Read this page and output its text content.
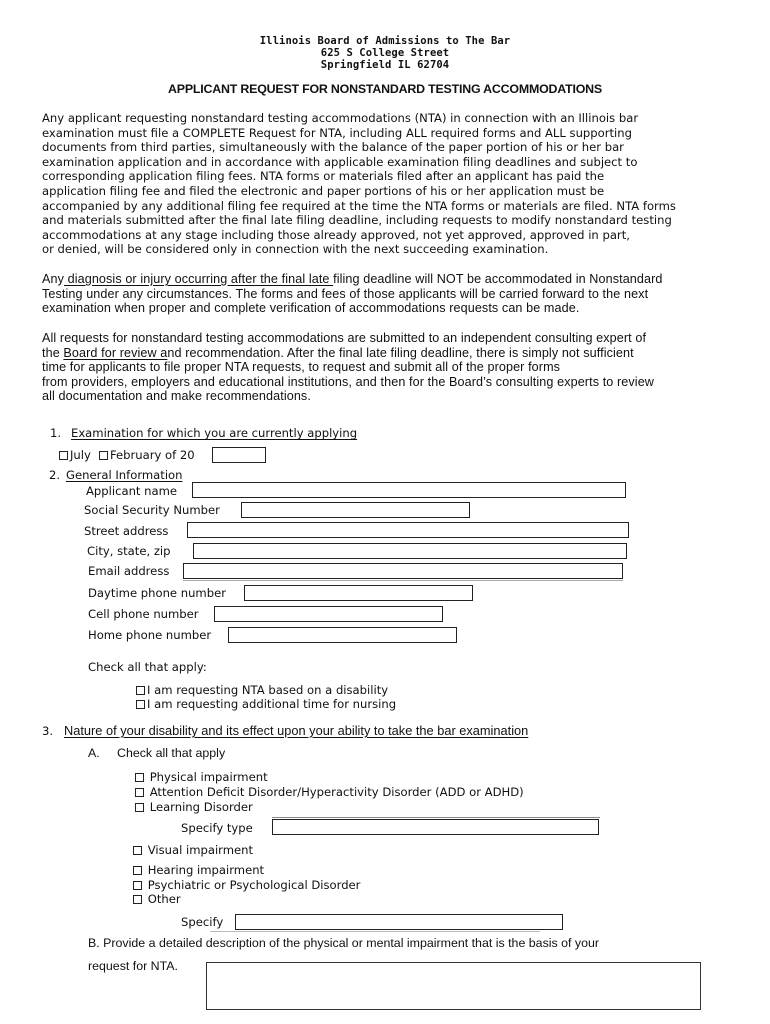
Illinois Board of Admissions to The Bar
625 S College Street
Springfield IL 62704
APPLICANT REQUEST FOR NONSTANDARD TESTING ACCOMMODATIONS
Any applicant requesting nonstandard testing accommodations (NTA) in connection with an Illinois bar
examination must file a COMPLETE Request for NTA, including ALL required forms and ALL supporting
documents from third parties, simultaneously with the balance of the paper portion of his or her bar
examination application and in accordance with applicable examination filing deadlines and subject to
corresponding application filing fees. NTA forms or materials filed after an applicant has paid the
application filing fee and filed the electronic and paper portions of his or her application must be
accompanied by any additional filing fee required at the time the NTA forms or materials are filed. NTA forms
and materials submitted after the final late filing deadline, including requests to modify nonstandard testing
accommodations at any stage including those already approved, not yet approved, approved in part,
or denied, will be considered only in connection with the next succeeding examination.
Any diagnosis or injury occurring after the final late filing deadline will NOT be accommodated in Nonstandard
Testing under any circumstances. The forms and fees of those applicants will be carried forward to the next
examination when proper and complete verification of accommodations requests can be made.
All requests for nonstandard testing accommodations are submitted to an independent consulting expert of
the Board for review and recommendation. After the final late filing deadline, there is simply not sufficient
time for applicants to file proper NTA requests, to request and submit all of the proper forms
from providers, employers and educational institutions, and then for the Board’s consulting experts to review
all documentation and make recommendations.
1. Examination for which you are currently applying
July	February of 20
2. General Information
Applicant name
Social Security Number
Street address
City, state, zip
Email address
Daytime phone number
Cell phone number
Home phone number
Check all that apply:
I am requesting NTA based on a disability
I am requesting additional time for nursing
3. Nature of your disability and its effect upon your ability to take the bar examination
A. Check all that apply
Physical impairment
Attention Deficit Disorder/Hyperactivity Disorder (ADD or ADHD)
Learning Disorder
Specify type
Visual impairment
Hearing impairment
Psychiatric or Psychological Disorder
Other
Specify
B. Provide a detailed description of the physical or mental impairment that is the basis of your
request for NTA.
